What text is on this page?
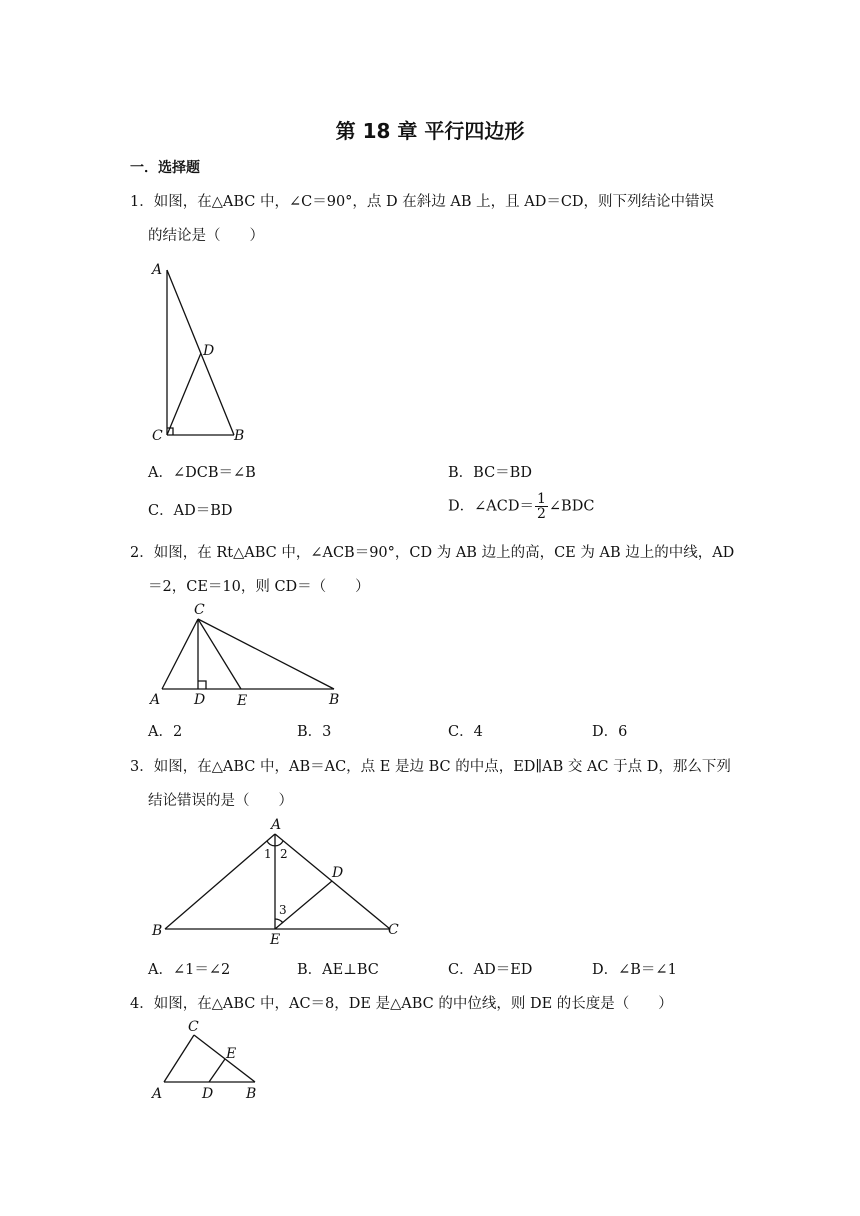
第 18 章 平行四边形
一．选择题
1．如图，在△ABC 中，∠C＝90°，点 D 在斜边 AB 上，且 AD＝CD，则下列结论中错误
的结论是（　　）
A
D
C	B
A．∠DCB＝∠B	B．BC＝BD
C．AD＝BD	D．∠ACD＝ $\frac{1}{2}$ ∠BDC
2．如图，在 Rt△ABC 中，∠ACB＝90°，CD 为 AB 边上的高，CE 为 AB 边上的中线，AD
＝2，CE＝10，则 CD＝（　　）
C
A D E	B
A．2	B．3	C．4	D．6
3．如图，在△ABC 中，AB＝AC，点 E 是边 BC 的中点，ED∥AB 交 AC 于点 D，那么下列
结论错误的是（　　）
A
1 2
D
3
B
E
C
A．∠1＝∠2	B．AE⊥BC	C．AD＝ED	D．∠B＝∠1
4．如图，在△ABC 中，AC＝8，DE 是△ABC 的中位线，则 DE 的长度是（　　）
C
E
A	D B
